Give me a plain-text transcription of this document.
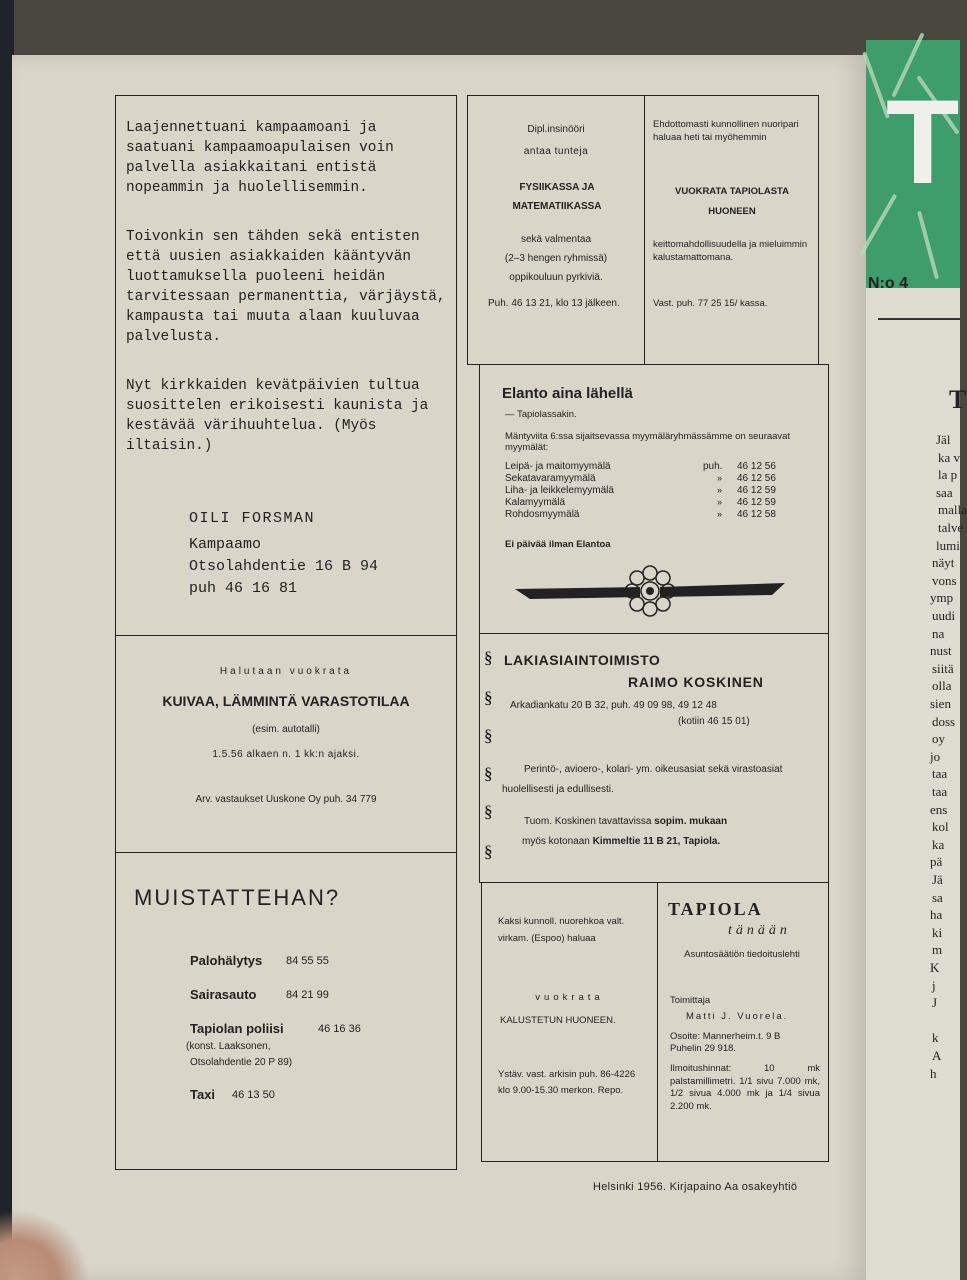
Laajennettuani kampaamoani ja saatuani kampaamoapulaisen voin palvella asiakkaitani entistä nopeammin ja huolellisemmin.
Toivonkin sen tähden sekä entisten että uusien asiakkaiden kääntyvän luottamuksella puoleeni heidän tarvitessaan permanenttia, värjäystä, kampausta tai muuta alaan kuuluvaa palvelusta.
Nyt kirkkaiden kevätpäivien tultua suosittelen erikoisesti kaunista ja kestävää värihuuhtelua. (Myös iltaisin.)
OILI FORSMAN
Kampaamo
Otsolahdentie 16 B 94
puh 46 16 81
Dipl.insinööri
antaa tunteja
FYSIIKASSA JA MATEMATIIKASSA
sekä valmentaa
(2–3 hengen ryhmissä)
oppikouluun pyrkiviä.
Puh. 46 13 21, klo 13 jälkeen.
Ehdottomasti kunnollinen nuoripari haluaa heti tai myöhemmin
VUOKRATA TAPIOLASTA HUONEEN
keittomahdollisuudella ja mieluimmin kalustamattomana.
Vast. puh. 77 25 15/ kassa.
Elanto aina lähellä
— Tapiolassakin.
Mäntyviita 6:ssa sijaitsevassa myymäläryhmässämme on seuraavat myymälät:
Leipä- ja maitomyymälä	puh. 46 12 56
Sekatavaramyymälä	» 46 12 56
Liha- ja leikkelemyymälä	» 46 12 59
Kalamyymälä	» 46 12 59
Rohdosmyymälä	» 46 12 58
Ei päivää ilman Elantoa
Halutaan vuokrata
KUIVAA, LÄMMINTÄ VARASTOTILAA
(esim. autotalli)
1.5.56 alkaen n. 1 kk:n ajaksi.
Arv. vastaukset Uuskone Oy puh. 34 779
§
§
§
§
§
§
LAKIASIAINTOIMISTO
RAIMO KOSKINEN
Arkadiankatu 20 B 32, puh. 49 09 98, 49 12 48
(kotiin 46 15 01)
Perintö-, avioero-, kolari- ym. oikeusasiat sekä virastoasiat huolellisesti ja edullisesti.
Tuom. Koskinen tavattavissa sopim. mukaan
myös kotonaan Kimmeltie 11 B 21, Tapiola.
MUISTATTEHAN?
Palohälytys 84 55 55
Sairasauto	84 21 99
Tapiolan poliisi	46 16 36
(konst. Laaksonen,
Otsolahdentie 20 P 89)
Taxi 46 13 50
Kaksi kunnoll. nuorehkoa valt. virkam. (Espoo) haluaa
vuokrata
KALUSTETUN HUONEEN.
Ystäv. vast. arkisin puh. 86-4226 klo 9.00-15.30 merkon. Repo.
TAPIOLA
tänään
Asuntosäätiön tiedoituslehti
Toimittaja
Matti J. Vuorela.
Osoite: Mannerheim.t. 9 B
Puhelin 29 918.
Ilmoitushinnat: 10 mk palstamillimetri. 1/1 sivu 7.000 mk, 1/2 sivua 4.000 mk ja 1/4 sivua 2.200 mk.
Helsinki 1956. Kirjapaino Aa osakeyhtiö
T
N:o 4
T
Jäl
ka v
la p
saa
malla
talve
lumi
näyt
vons
ymp
uudi
na
nust
siitä
olla
sien
doss
oy
jo
taa
taa
ens
kol
ka
pä
Jä
sa
ha
ki
m
K
j
J
k
A
h
